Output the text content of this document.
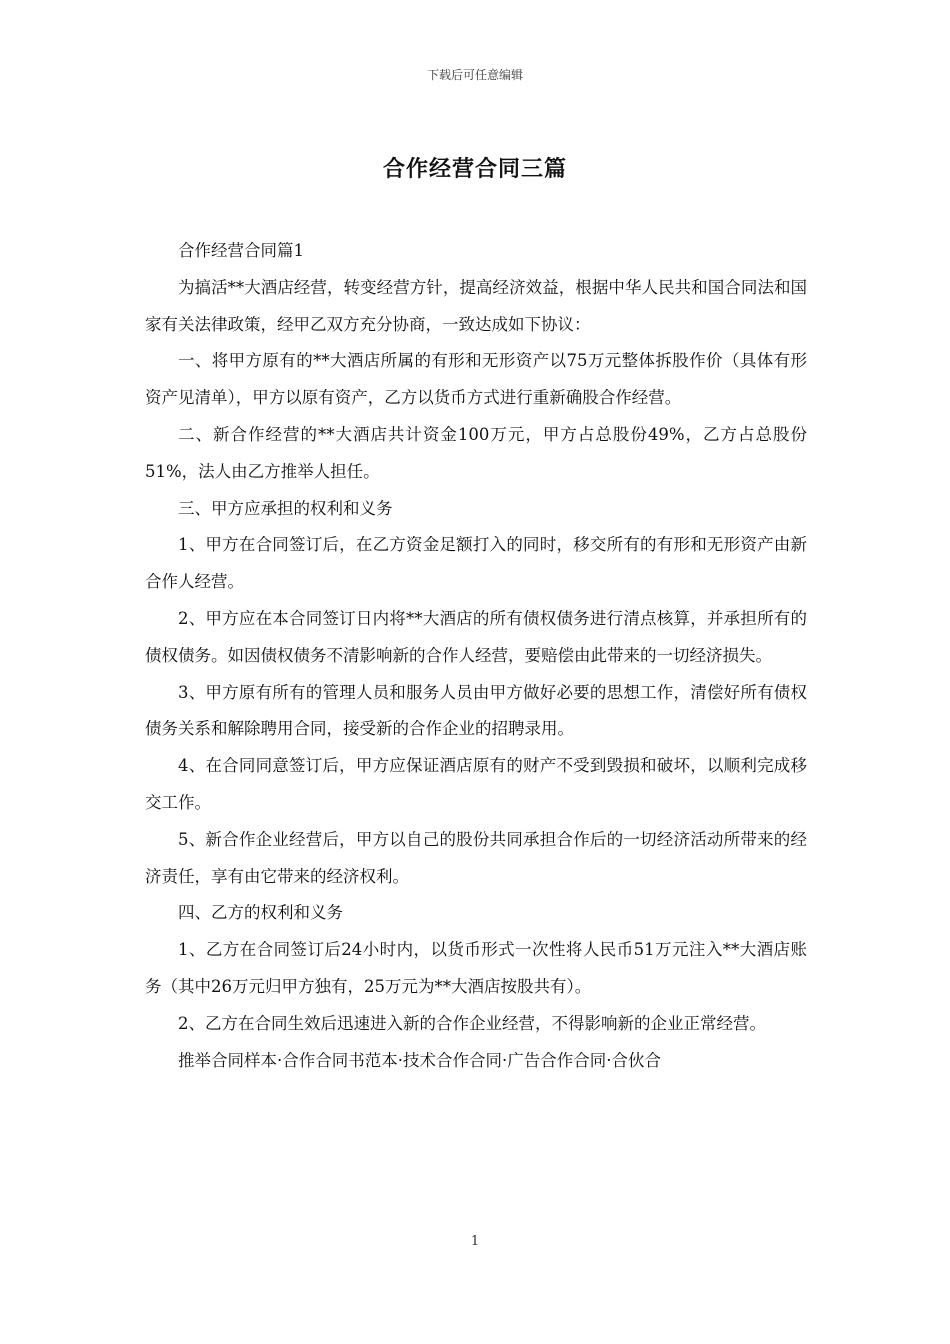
下载后可任意编辑
合作经营合同三篇

合作经营合同篇1

为搞活**大酒店经营，转变经营方针，提高经济效益，根据中华人民共和国合同法和国家有关法律政策，经甲乙双方充分协商，一致达成如下协议：

一、将甲方原有的**大酒店所属的有形和无形资产以75万元整体拆股作价（具体有形资产见清单），甲方以原有资产，乙方以货币方式进行重新确股合作经营。

二、新合作经营的**大酒店共计资金100万元，甲方占总股份49%，乙方占总股份51%，法人由乙方推举人担任。

三、甲方应承担的权利和义务

1、甲方在合同签订后，在乙方资金足额打入的同时，移交所有的有形和无形资产由新合作人经营。

2、甲方应在本合同签订日内将**大酒店的所有债权债务进行清点核算，并承担所有的债权债务。如因债权债务不清影响新的合作人经营，要赔偿由此带来的一切经济损失。

3、甲方原有所有的管理人员和服务人员由甲方做好必要的思想工作，清偿好所有债权债务关系和解除聘用合同，接受新的合作企业的招聘录用。

4、在合同同意签订后，甲方应保证酒店原有的财产不受到毁损和破坏，以顺利完成移交工作。

5、新合作企业经营后，甲方以自己的股份共同承担合作后的一切经济活动所带来的经济责任，享有由它带来的经济权利。

四、乙方的权利和义务

1、乙方在合同签订后24小时内，以货币形式一次性将人民币51万元注入**大酒店账务（其中26万元归甲方独有，25万元为**大酒店按股共有）。

2、乙方在合同生效后迅速进入新的合作企业经营，不得影响新的企业正常经营。

推举合同样本·合作合同书范本·技术合作合同·广告合作合同·合伙合

1
